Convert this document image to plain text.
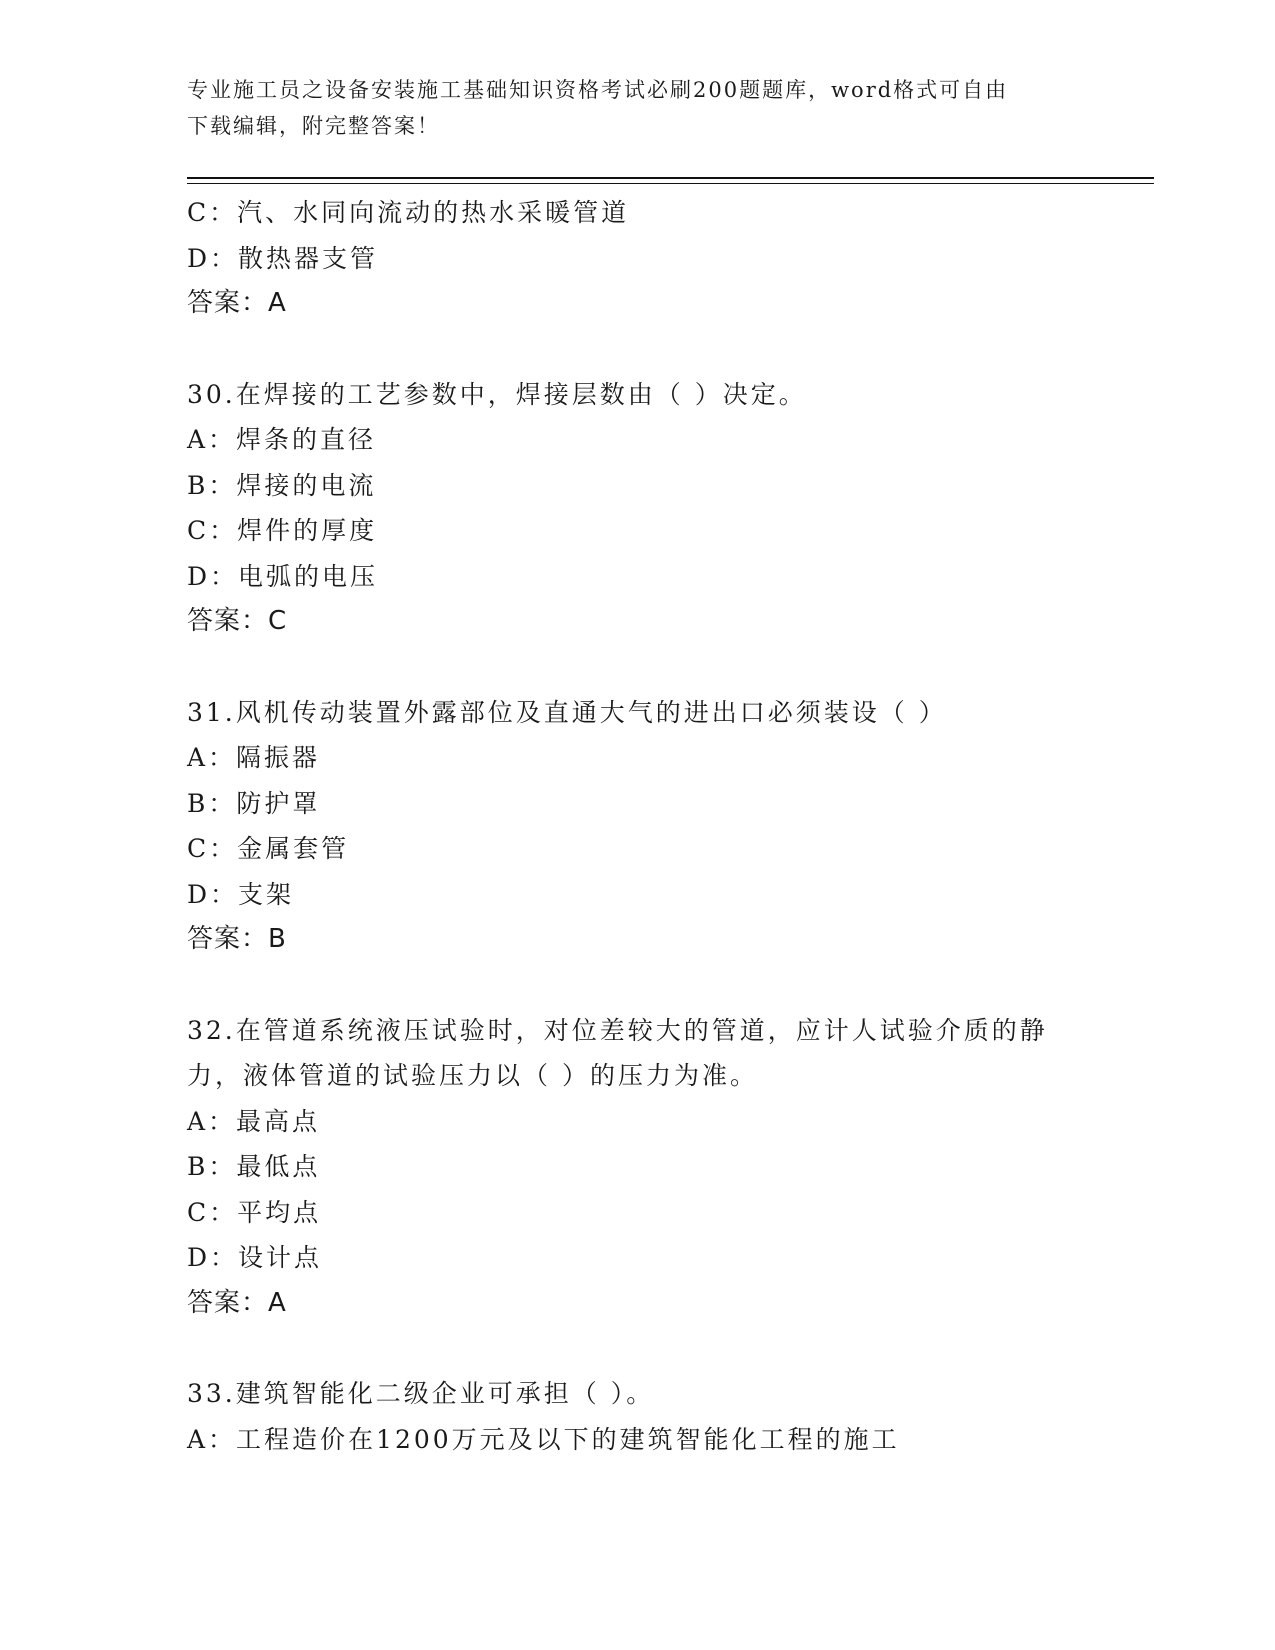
专业施工员之设备安装施工基础知识资格考试必刷200题题库，word格式可自由
下载编辑，附完整答案！
C：汽、水同向流动的热水采暖管道
D：散热器支管
答案：A
30.在焊接的工艺参数中，焊接层数由（ ）决定。
A：焊条的直径
B：焊接的电流
C：焊件的厚度
D：电弧的电压
答案：C
31.风机传动装置外露部位及直通大气的进出口必须装设（ ）
A：隔振器
B：防护罩
C：金属套管
D：支架
答案：B
32.在管道系统液压试验时，对位差较大的管道，应计人试验介质的静
力，液体管道的试验压力以（ ）的压力为准。
A：最高点
B：最低点
C：平均点
D：设计点
答案：A
33.建筑智能化二级企业可承担（ ）。
A：工程造价在1200万元及以下的建筑智能化工程的施工
